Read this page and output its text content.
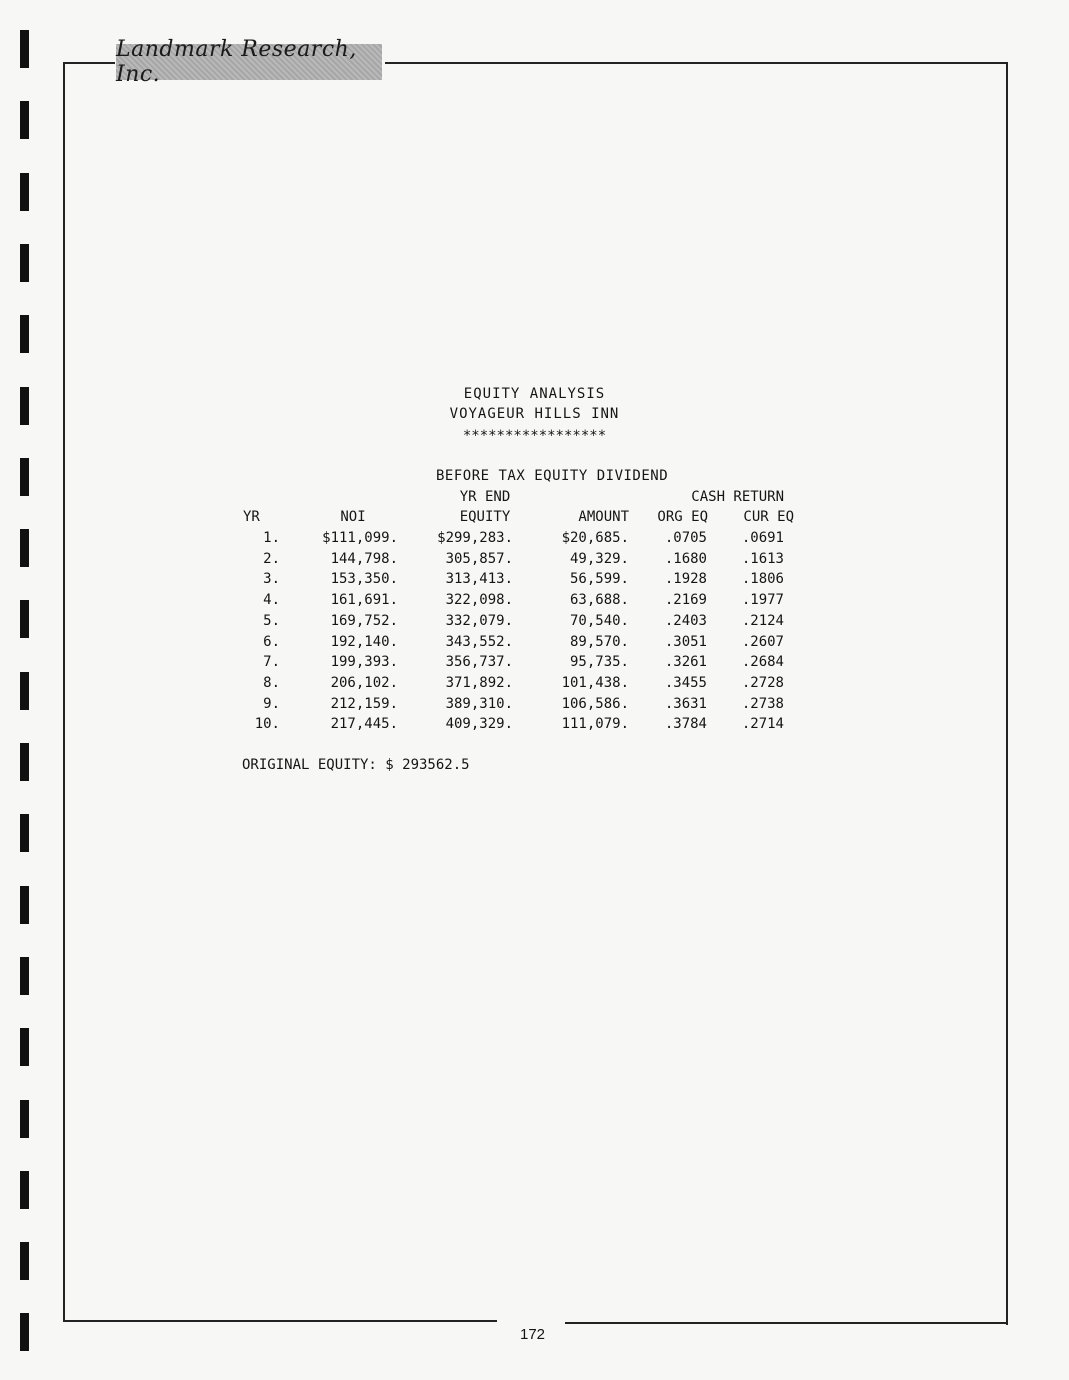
Landmark Research, Inc.
EQUITY ANALYSIS
VOYAGEUR HILLS INN
*****************
BEFORE TAX EQUITY DIVIDEND
YR END	CASH RETURN
YR	NOI	EQUITY	AMOUNT	ORG EQ	CUR EQ
1.	$111,099.	$299,283.	$20,685.	.0705 .0691
2.	144,798.	305,857.	49,329.	.1680 .1613
3.	153,350.	313,413.	56,599.	.1928 .1806
4.	161,691.	322,098.	63,688.	.2169 .1977
5.	169,752.	332,079.	70,540.	.2403 .2124
6.	192,140.	343,552.	89,570.	.3051 .2607
7.	199,393.	356,737.	95,735.	.3261 .2684
8.	206,102.	371,892.	101,438.	.3455 .2728
9.	212,159.	389,310.	106,586.	.3631 .2738
10.	217,445.	409,329.	111,079.	.3784 .2714
ORIGINAL EQUITY: $ 293562.5
172
